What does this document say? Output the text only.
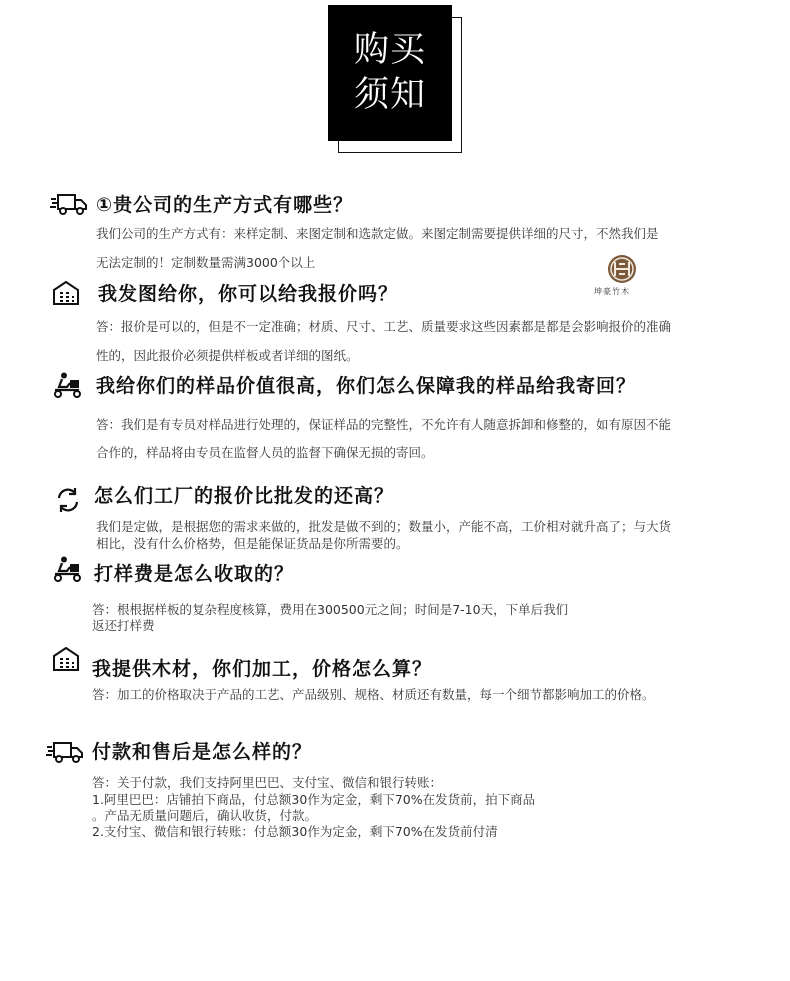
购买
须知
坤豪竹木
①贵公司的生产方式有哪些？
我们公司的生产方式有：来样定制、来图定制和选款定做。来图定制需要提供详细的尺寸，不然我们是
无法定制的！定制数量需满3000个以上
我发图给你，你可以给我报价吗？
答：报价是可以的，但是不一定准确；材质、尺寸、工艺、质量要求这些因素都是都是会影响报价的准确
性的，因此报价必须提供样板或者详细的图纸。
我给你们的样品价值很高，你们怎么保障我的样品给我寄回？
答：我们是有专员对样品进行处理的，保证样品的完整性，不允许有人随意拆卸和修整的，如有原因不能
合作的，样品将由专员在监督人员的监督下确保无损的寄回。
怎么们工厂的报价比批发的还高？
我们是定做，是根据您的需求来做的，批发是做不到的；数量小，产能不高，工价相对就升高了；与大货
相比，没有什么价格势，但是能保证货品是你所需要的。
打样费是怎么收取的？
答：根根据样板的复杂程度核算，费用在300500元之间；时间是7-10天，下单后我们
返还打样费
我提供木材，你们加工，价格怎么算？
答：加工的价格取决于产品的工艺、产品级别、规格、材质还有数量，每一个细节都影响加工的价格。
付款和售后是怎么样的？
答：关于付款，我们支持阿里巴巴、支付宝、微信和银行转账：
1.阿里巴巴：店铺拍下商品，付总额30作为定金，剩下70%在发货前，拍下商品
。产品无质量问题后，确认收货，付款。
2.支付宝、微信和银行转账：付总额30作为定金，剩下70%在发货前付清
